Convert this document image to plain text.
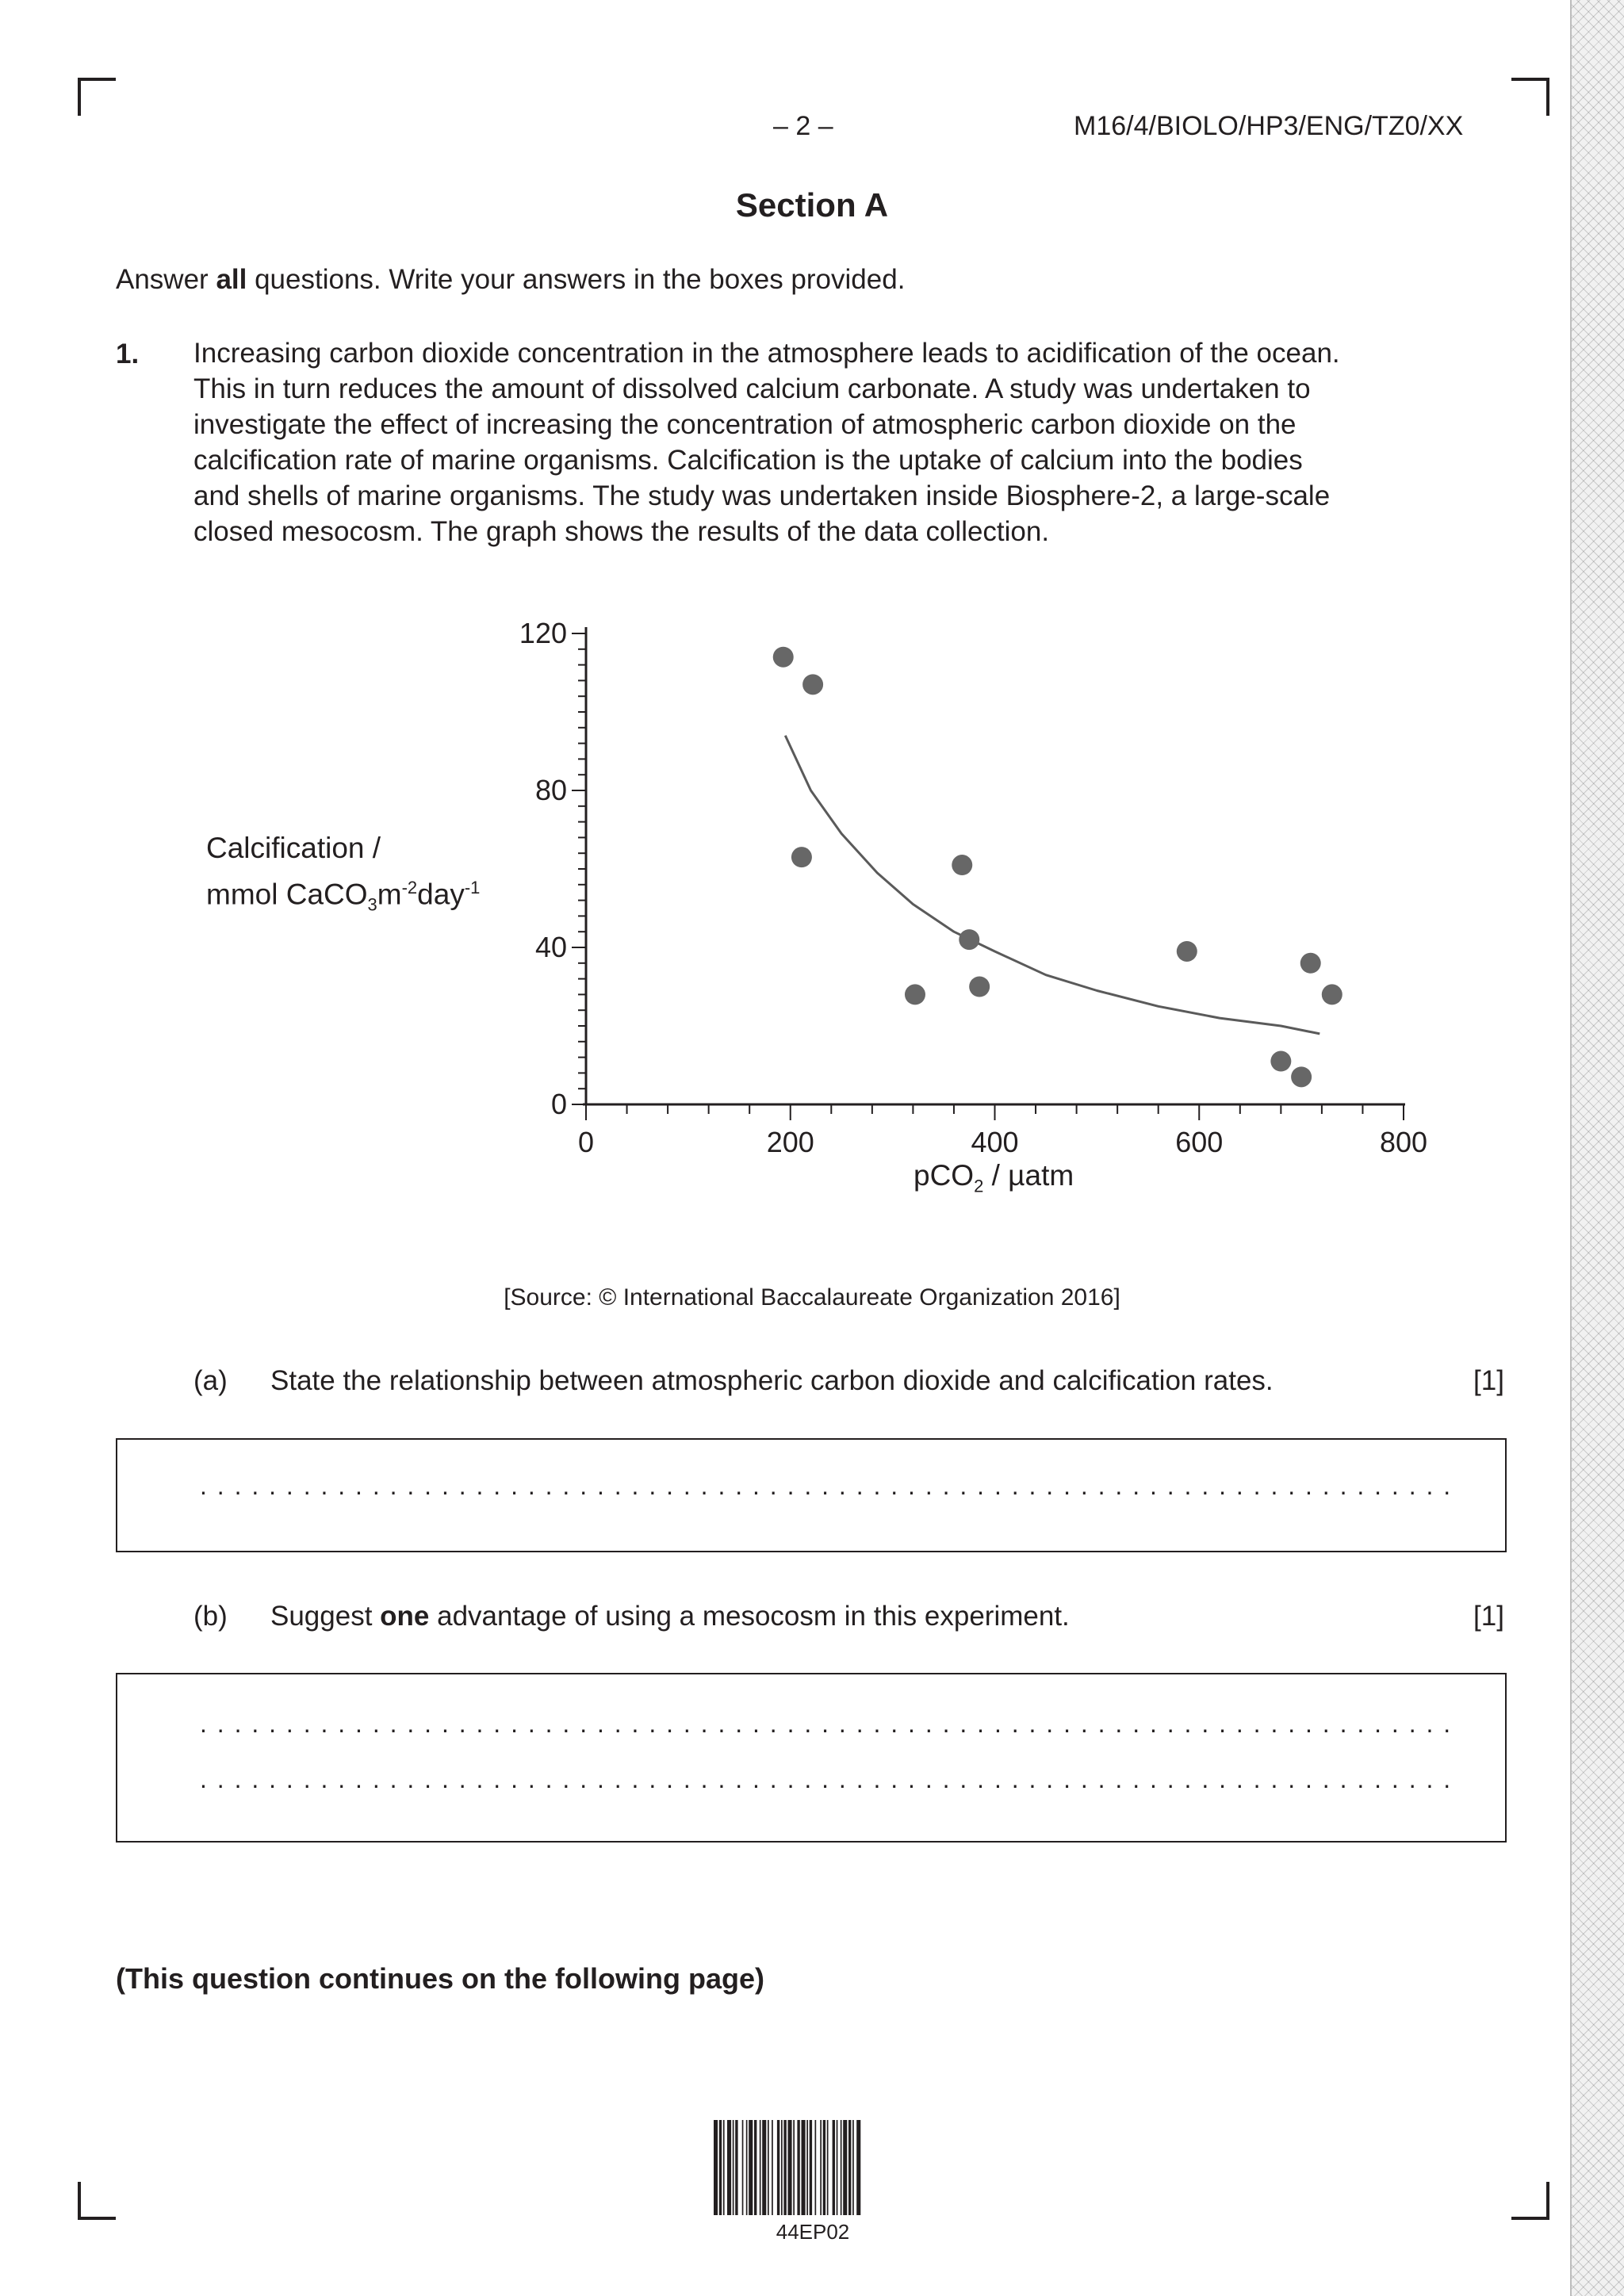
– 2 –	M16/4/BIOLO/HP3/ENG/TZ0/XX
Section A
Answer all questions. Write your answers in the boxes provided.
1. Increasing carbon dioxide concentration in the atmosphere leads to acidification of the ocean.

This in turn reduces the amount of dissolved calcium carbonate. A study was undertaken to

investigate the effect of increasing the concentration of atmospheric carbon dioxide on the

calcification rate of marine organisms. Calcification is the uptake of calcium into the bodies

and shells of marine organisms. The study was undertaken inside Biosphere-2, a large-scale

closed mesocosm. The graph shows the results of the data collection.

Calcification /
mmol $CaCO_3m^{-2}day^{-1}$
0
40
80
120
0	200	400	600	800
pCO$_2$ / µatm
[Source: © International Baccalaureate Organization 2016]
(a) State the relationship between atmospheric carbon dioxide and calcification rates.	[1]
. . . . . . . . . . . . . . . . . . . . . . . . . . . . . . . . . . . . . . . . . . . . . . . . . . . . . . . . . . . . . . . . . . . . . . . . .
(b) Suggest one advantage of using a mesocosm in this experiment.	[1]
. . . . . . . . . . . . . . . . . . . . . . . . . . . . . . . . . . . . . . . . . . . . . . . . . . . . . . . . . . . . . . . . . . . . . . . . .
. . . . . . . . . . . . . . . . . . . . . . . . . . . . . . . . . . . . . . . . . . . . . . . . . . . . . . . . . . . . . . . . . . . . . . . . .
(This question continues on the following page)
44EP02
